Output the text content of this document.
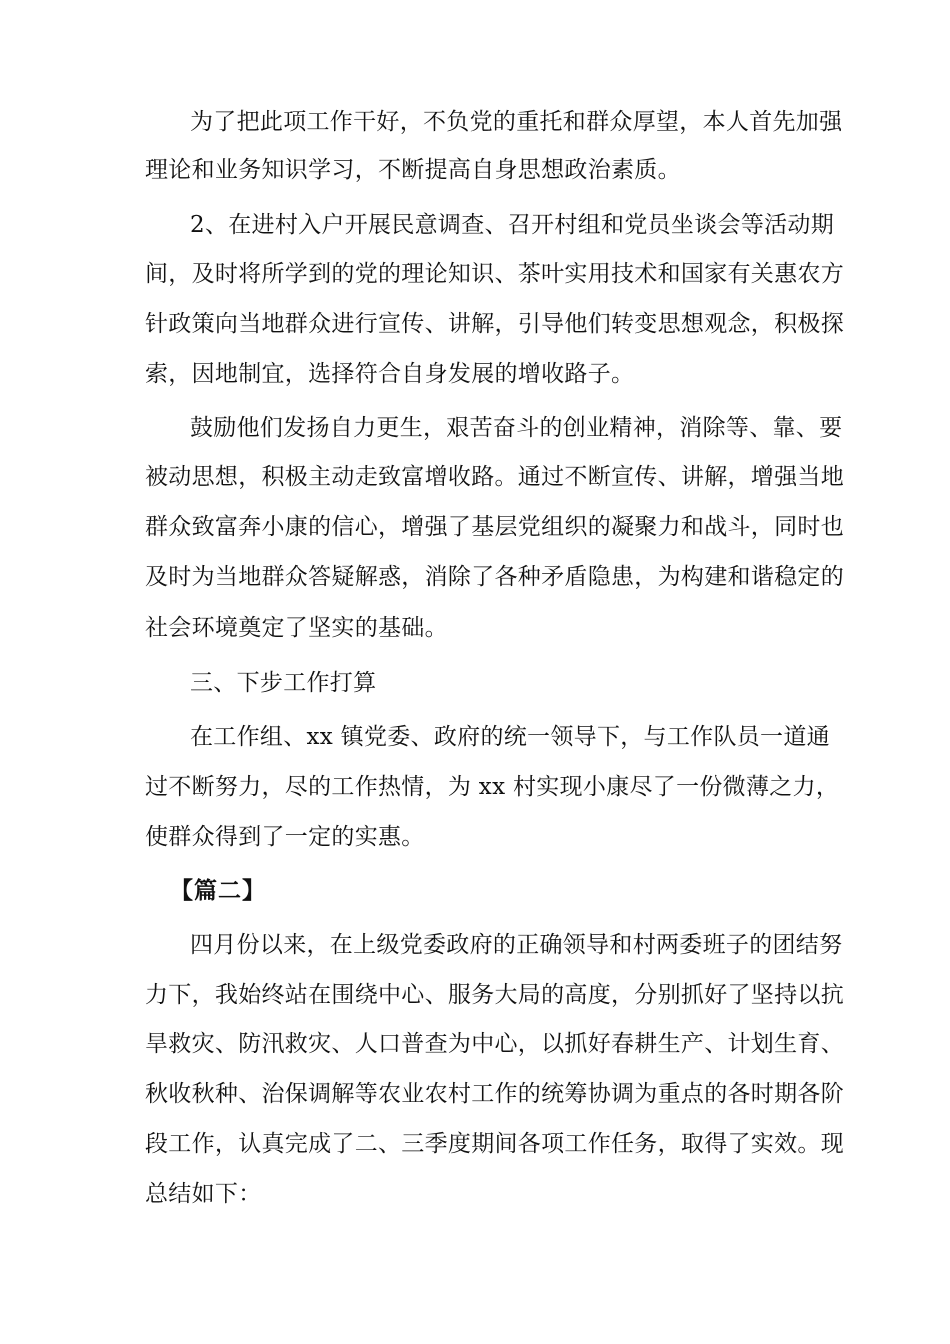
为了把此项工作干好，不负党的重托和群众厚望，本人首先加强
理论和业务知识学习，不断提高自身思想政治素质。
2、在进村入户开展民意调查、召开村组和党员坐谈会等活动期
间，及时将所学到的党的理论知识、茶叶实用技术和国家有关惠农方
针政策向当地群众进行宣传、讲解，引导他们转变思想观念，积极探
索，因地制宜，选择符合自身发展的增收路子。
鼓励他们发扬自力更生，艰苦奋斗的创业精神，消除等、靠、要
被动思想，积极主动走致富增收路。通过不断宣传、讲解，增强当地
群众致富奔小康的信心，增强了基层党组织的凝聚力和战斗，同时也
及时为当地群众答疑解惑，消除了各种矛盾隐患，为构建和谐稳定的
社会环境奠定了坚实的基础。
三、下步工作打算
在工作组、xx 镇党委、政府的统一领导下，与工作队员一道通
过不断努力，尽的工作热情，为 xx 村实现小康尽了一份微薄之力，
使群众得到了一定的实惠。
【篇二】
四月份以来，在上级党委政府的正确领导和村两委班子的团结努
力下，我始终站在围绕中心、服务大局的高度，分别抓好了坚持以抗
旱救灾、防汛救灾、人口普查为中心，以抓好春耕生产、计划生育、
秋收秋种、治保调解等农业农村工作的统筹协调为重点的各时期各阶
段工作，认真完成了二、三季度期间各项工作任务，取得了实效。现
总结如下：
